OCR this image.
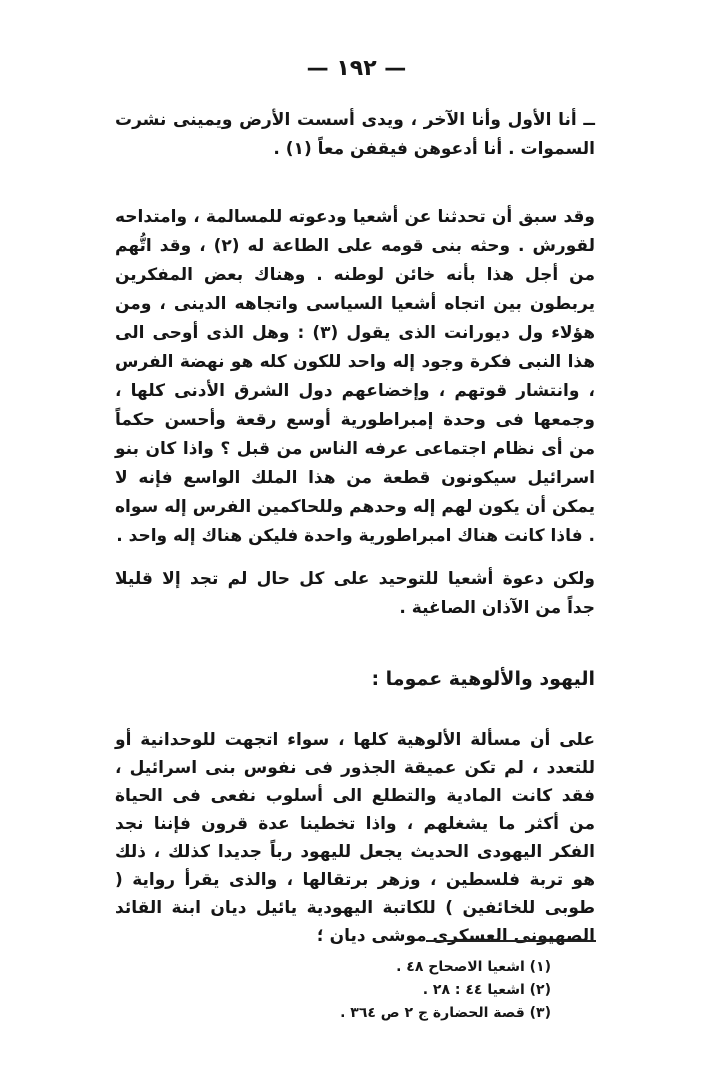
— ١٩٢ —

ــ أنا الأول وأنا الآخر ، ويدى أسست الأرض ويمينى نشرت السموات . أنا أدعوهن فيقفن معاً (١) .

وقد سبق أن تحدثنا عن أشعيا ودعوته للمسالمة ، وامتداحه لقورش . وحثه بنى قومه على الطاعة له (٢) ، وقد اتُّهم من أجل هذا بأنه خائن لوطنه . وهناك بعض المفكرين يربطون بين اتجاه أشعيا السياسى واتجاهه الدينى ، ومن هؤلاء ول ديورانت الذى يقول (٣) : وهل الذى أوحى الى هذا النبى فكرة وجود إله واحد للكون كله هو نهضة الفرس ، وانتشار قوتهم ، وإخضاعهم دول الشرق الأدنى كلها ، وجمعها فى وحدة إمبراطورية أوسع رقعة وأحسن حكماً من أى نظام اجتماعى عرفه الناس من قبل ؟ واذا كان بنو اسرائيل سيكونون قطعة من هذا الملك الواسع فإنه لا يمكن أن يكون لهم إله وحدهم وللحاكمين الفرس إله سواه . فاذا كانت هناك امبراطورية واحدة فليكن هناك إله واحد .

ولكن دعوة أشعيا للتوحيد على كل حال لم تجد إلا قليلا جداً من الآذان الصاغية .

اليهود والألوهية عموما :

على أن مسألة الألوهية كلها ، سواء اتجهت للوحدانية أو للتعدد ، لم تكن عميقة الجذور فى نفوس بنى اسرائيل ، فقد كانت المادية والتطلع الى أسلوب نفعى فى الحياة من أكثر ما يشغلهم ، واذا تخطينا عدة قرون فإننا نجد الفكر اليهودى الحديث يجعل لليهود رباً جديدا كذلك ، ذلك هو تربة فلسطين ، وزهر برتقالها ، والذى يقرأ رواية ( طوبى للخائفين ) للكاتبة اليهودية يائيل ديان ابنة القائد الصهيونى العسكرى موشى ديان ؛

(١) اشعيا الاصحاح ٤٨ .
(٢) اشعيا ٤٤ : ٢٨ .
(٣) قصة الحضارة ج ٢ ص ٣٦٤ .
